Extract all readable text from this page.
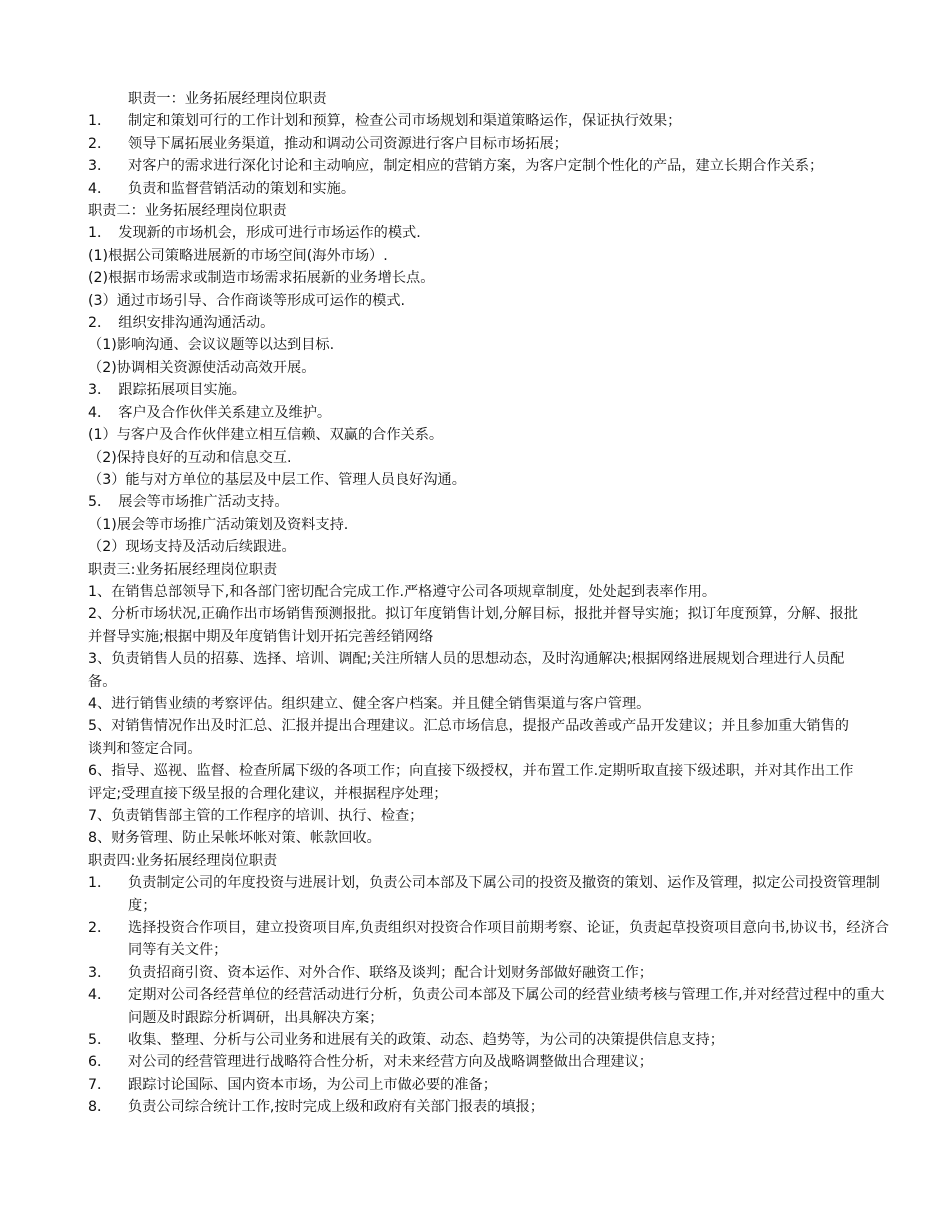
职责一：业务拓展经理岗位职责
1．	制定和策划可行的工作计划和预算，检查公司市场规划和渠道策略运作，保证执行效果；
2．	领导下属拓展业务渠道，推动和调动公司资源进行客户目标市场拓展；
3．	对客户的需求进行深化讨论和主动响应，制定相应的营销方案，为客户定制个性化的产品，建立长期合作关系；
4．	负责和监督营销活动的策划和实施。
职责二：业务拓展经理岗位职责
1．　发现新的市场机会，形成可进行市场运作的模式.
(1)根据公司策略进展新的市场空间(海外市场）.
(2)根据市场需求或制造市场需求拓展新的业务增长点。
(3）通过市场引导、合作商谈等形成可运作的模式.
2．　组织安排沟通沟通活动。
（1)影响沟通、会议议题等以达到目标.
（2)协调相关资源使活动高效开展。
3．　跟踪拓展项目实施。
4．　客户及合作伙伴关系建立及维护。
(1）与客户及合作伙伴建立相互信赖、双赢的合作关系。
（2)保持良好的互动和信息交互.
（3）能与对方单位的基层及中层工作、管理人员良好沟通。
5．　展会等市场推广活动支持。
（1)展会等市场推广活动策划及资料支持.
（2）现场支持及活动后续跟进。
职责三:业务拓展经理岗位职责
1、在销售总部领导下,和各部门密切配合完成工作.严格遵守公司各项规章制度，处处起到表率作用。
2、分析市场状况,正确作出市场销售预测报批。拟订年度销售计划,分解目标，报批并督导实施；拟订年度预算，分解、报批并督导实施;根据中期及年度销售计划开拓完善经销网络
3、负责销售人员的招募、选择、培训、调配;关注所辖人员的思想动态，及时沟通解决;根据网络进展规划合理进行人员配备。
4、进行销售业绩的考察评估。组织建立、健全客户档案。并且健全销售渠道与客户管理。
5、对销售情况作出及时汇总、汇报并提出合理建议。汇总市场信息，提报产品改善或产品开发建议；并且参加重大销售的谈判和签定合同。
6、指导、巡视、监督、检查所属下级的各项工作；向直接下级授权，并布置工作.定期听取直接下级述职，并对其作出工作评定;受理直接下级呈报的合理化建议，并根据程序处理；
7、负责销售部主管的工作程序的培训、执行、检查；
8、财务管理、防止呆帐坏帐对策、帐款回收。
职责四:业务拓展经理岗位职责
1．	负责制定公司的年度投资与进展计划，负责公司本部及下属公司的投资及撤资的策划、运作及管理，拟定公司投资管理制度；
2．	选择投资合作项目，建立投资项目库,负责组织对投资合作项目前期考察、论证，负责起草投资项目意向书,协议书，经济合同等有关文件；
3．	负责招商引资、资本运作、对外合作、联络及谈判；配合计划财务部做好融资工作；
4．	定期对公司各经营单位的经营活动进行分析，负责公司本部及下属公司的经营业绩考核与管理工作,并对经营过程中的重大问题及时跟踪分析调研，出具解决方案；
5．	收集、整理、分析与公司业务和进展有关的政策、动态、趋势等，为公司的决策提供信息支持；
6．	对公司的经营管理进行战略符合性分析，对未来经营方向及战略调整做出合理建议；
7．	跟踪讨论国际、国内资本市场，为公司上市做必要的准备；
8．	负责公司综合统计工作,按时完成上级和政府有关部门报表的填报；
